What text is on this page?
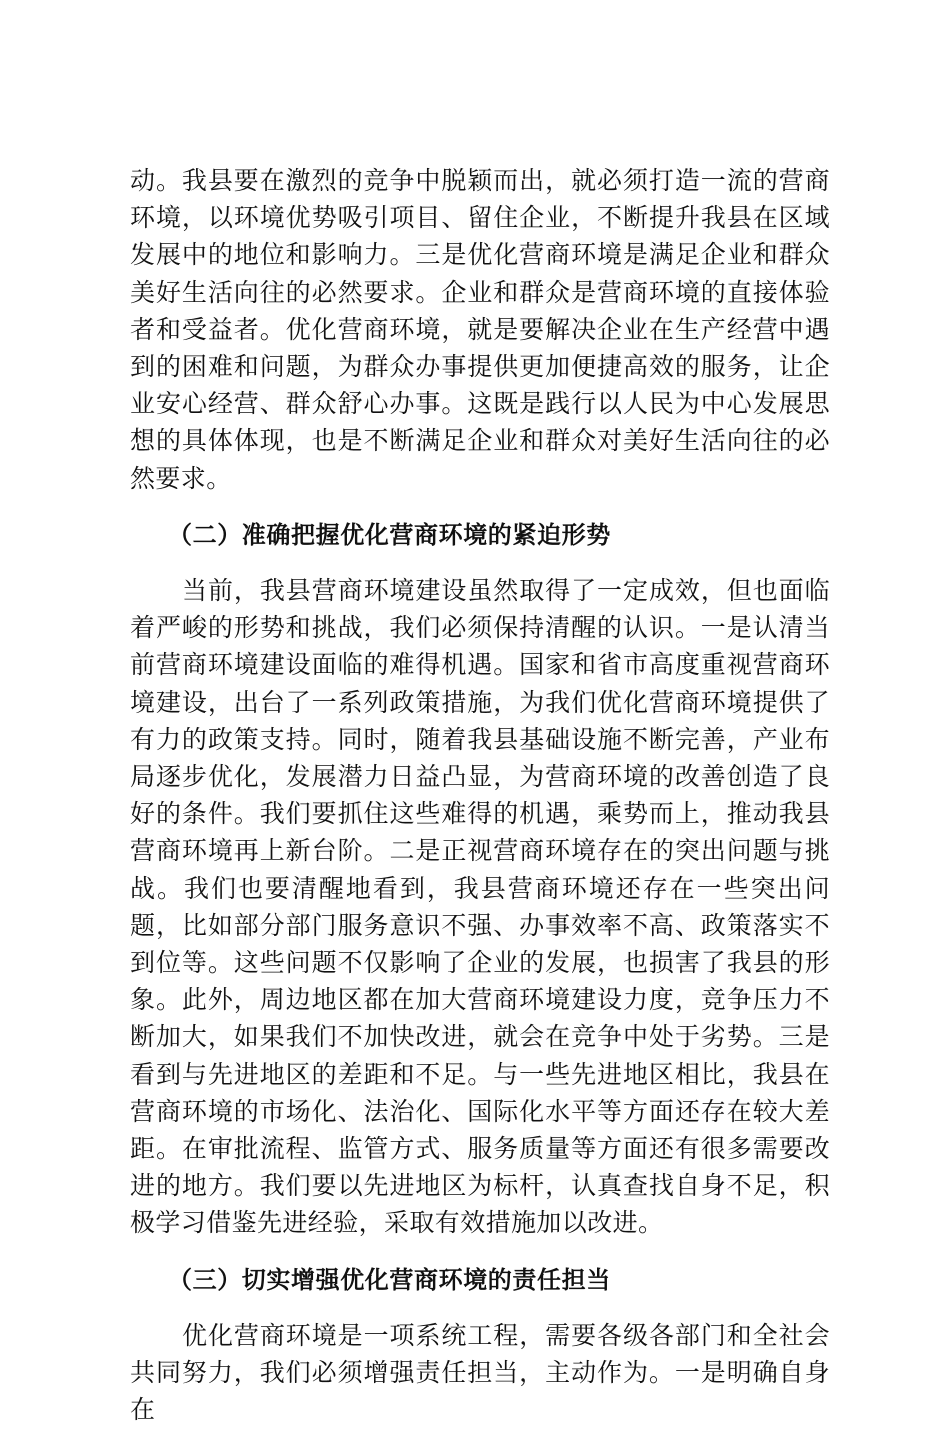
动。我县要在激烈的竞争中脱颖而出，就必须打造一流的营商环境，以环境优势吸引项目、留住企业，不断提升我县在区域发展中的地位和影响力。三是优化营商环境是满足企业和群众美好生活向往的必然要求。企业和群众是营商环境的直接体验者和受益者。优化营商环境，就是要解决企业在生产经营中遇到的困难和问题，为群众办事提供更加便捷高效的服务，让企业安心经营、群众舒心办事。这既是践行以人民为中心发展思想的具体体现，也是不断满足企业和群众对美好生活向往的必然要求。

（二）准确把握优化营商环境的紧迫形势

当前，我县营商环境建设虽然取得了一定成效，但也面临着严峻的形势和挑战，我们必须保持清醒的认识。一是认清当前营商环境建设面临的难得机遇。国家和省市高度重视营商环境建设，出台了一系列政策措施，为我们优化营商环境提供了有力的政策支持。同时，随着我县基础设施不断完善，产业布局逐步优化，发展潜力日益凸显，为营商环境的改善创造了良好的条件。我们要抓住这些难得的机遇，乘势而上，推动我县营商环境再上新台阶。二是正视营商环境存在的突出问题与挑战。我们也要清醒地看到，我县营商环境还存在一些突出问题，比如部分部门服务意识不强、办事效率不高、政策落实不到位等。这些问题不仅影响了企业的发展，也损害了我县的形象。此外，周边地区都在加大营商环境建设力度，竞争压力不断加大，如果我们不加快改进，就会在竞争中处于劣势。三是看到与先进地区的差距和不足。与一些先进地区相比，我县在营商环境的市场化、法治化、国际化水平等方面还存在较大差距。在审批流程、监管方式、服务质量等方面还有很多需要改进的地方。我们要以先进地区为标杆，认真查找自身不足，积极学习借鉴先进经验，采取有效措施加以改进。

（三）切实增强优化营商环境的责任担当

优化营商环境是一项系统工程，需要各级各部门和全社会共同努力，我们必须增强责任担当，主动作为。一是明确自身在
